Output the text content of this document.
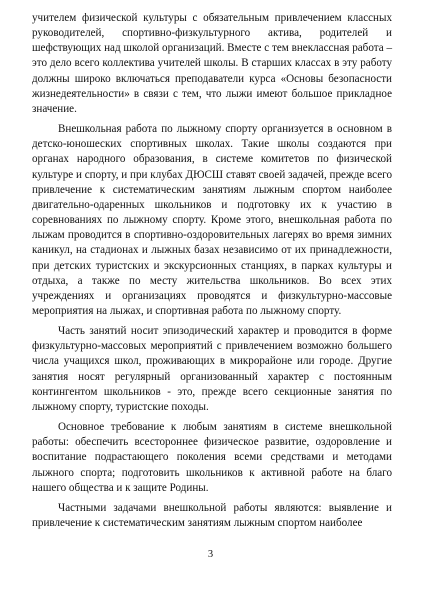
учителем физической культуры с обязательным привлечением классных руководителей, спортивно-физкультурного актива, родителей и шефствующих над школой организаций. Вместе с тем внеклассная работа – это дело всего коллектива учителей школы. В старших классах в эту работу должны широко включаться преподаватели курса «Основы безопасности жизнедеятельности» в связи с тем, что лыжи имеют большое прикладное значение.

Внешкольная работа по лыжному спорту организуется в основном в детско-юношеских спортивных школах. Такие школы создаются при органах народного образования, в системе комитетов по физической культуре и спорту, и при клубах ДЮСШ ставят своей задачей, прежде всего привлечение к систематическим занятиям лыжным спортом наиболее двигательно-одаренных школьников и подготовку их к участию в соревнованиях по лыжному спорту. Кроме этого, внешкольная работа по лыжам проводится в спортивно-оздоровительных лагерях во время зимних каникул, на стадионах и лыжных базах независимо от их принадлежности, при детских туристских и экскурсионных станциях, в парках культуры и отдыха, а также по месту жительства школьников. Во всех этих учреждениях и организациях проводятся и физкультурно-массовые мероприятия на лыжах, и спортивная работа по лыжному спорту.

Часть занятий носит эпизодический характер и проводится в форме физкультурно-массовых мероприятий с привлечением возможно большего числа учащихся школ, проживающих в микрорайоне или городе. Другие занятия носят регулярный организованный характер с постоянным контингентом школьников - это, прежде всего секционные занятия по лыжному спорту, туристские походы.

Основное требование к любым занятиям в системе внешкольной работы: обеспечить всестороннее физическое развитие, оздоровление и воспитание подрастающего поколения всеми средствами и методами лыжного спорта; подготовить школьников к активной работе на благо нашего общества и к защите Родины.

Частными задачами внешкольной работы являются: выявление и привлечение к систематическим занятиям лыжным спортом наиболее

3
